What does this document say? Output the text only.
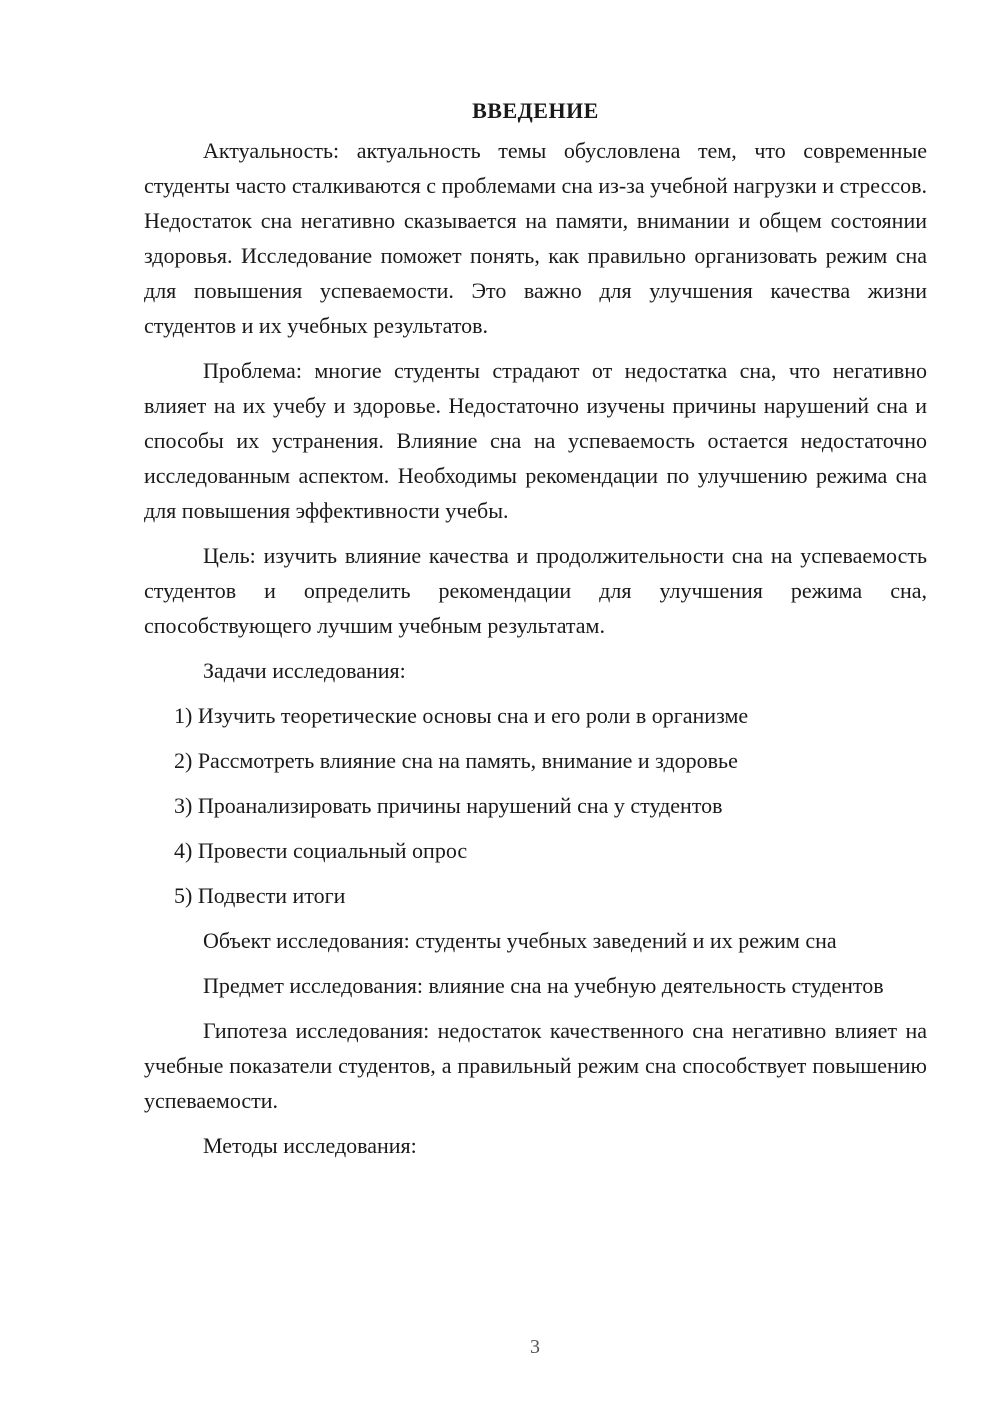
ВВЕДЕНИЕ

Актуальность: актуальность темы обусловлена тем, что современные студенты часто сталкиваются с проблемами сна из-за учебной нагрузки и стрессов. Недостаток сна негативно сказывается на памяти, внимании и общем состоянии здоровья. Исследование поможет понять, как правильно организовать режим сна для повышения успеваемости. Это важно для улучшения качества жизни студентов и их учебных результатов.

Проблема: многие студенты страдают от недостатка сна, что негативно влияет на их учебу и здоровье. Недостаточно изучены причины нарушений сна и способы их устранения. Влияние сна на успеваемость остается недостаточно исследованным аспектом. Необходимы рекомендации по улучшению режима сна для повышения эффективности учебы.

Цель: изучить влияние качества и продолжительности сна на успеваемость студентов и определить рекомендации для улучшения режима сна, способствующего лучшим учебным результатам.

Задачи исследования:

1) Изучить теоретические основы сна и его роли в организме
2) Рассмотреть влияние сна на память, внимание и здоровье
3) Проанализировать причины нарушений сна у студентов
4) Провести социальный опрос
5) Подвести итоги

Объект исследования: студенты учебных заведений и их режим сна

Предмет исследования: влияние сна на учебную деятельность студентов

Гипотеза исследования: недостаток качественного сна негативно влияет на учебные показатели студентов, а правильный режим сна способствует повышению успеваемости.

Методы исследования:

3
